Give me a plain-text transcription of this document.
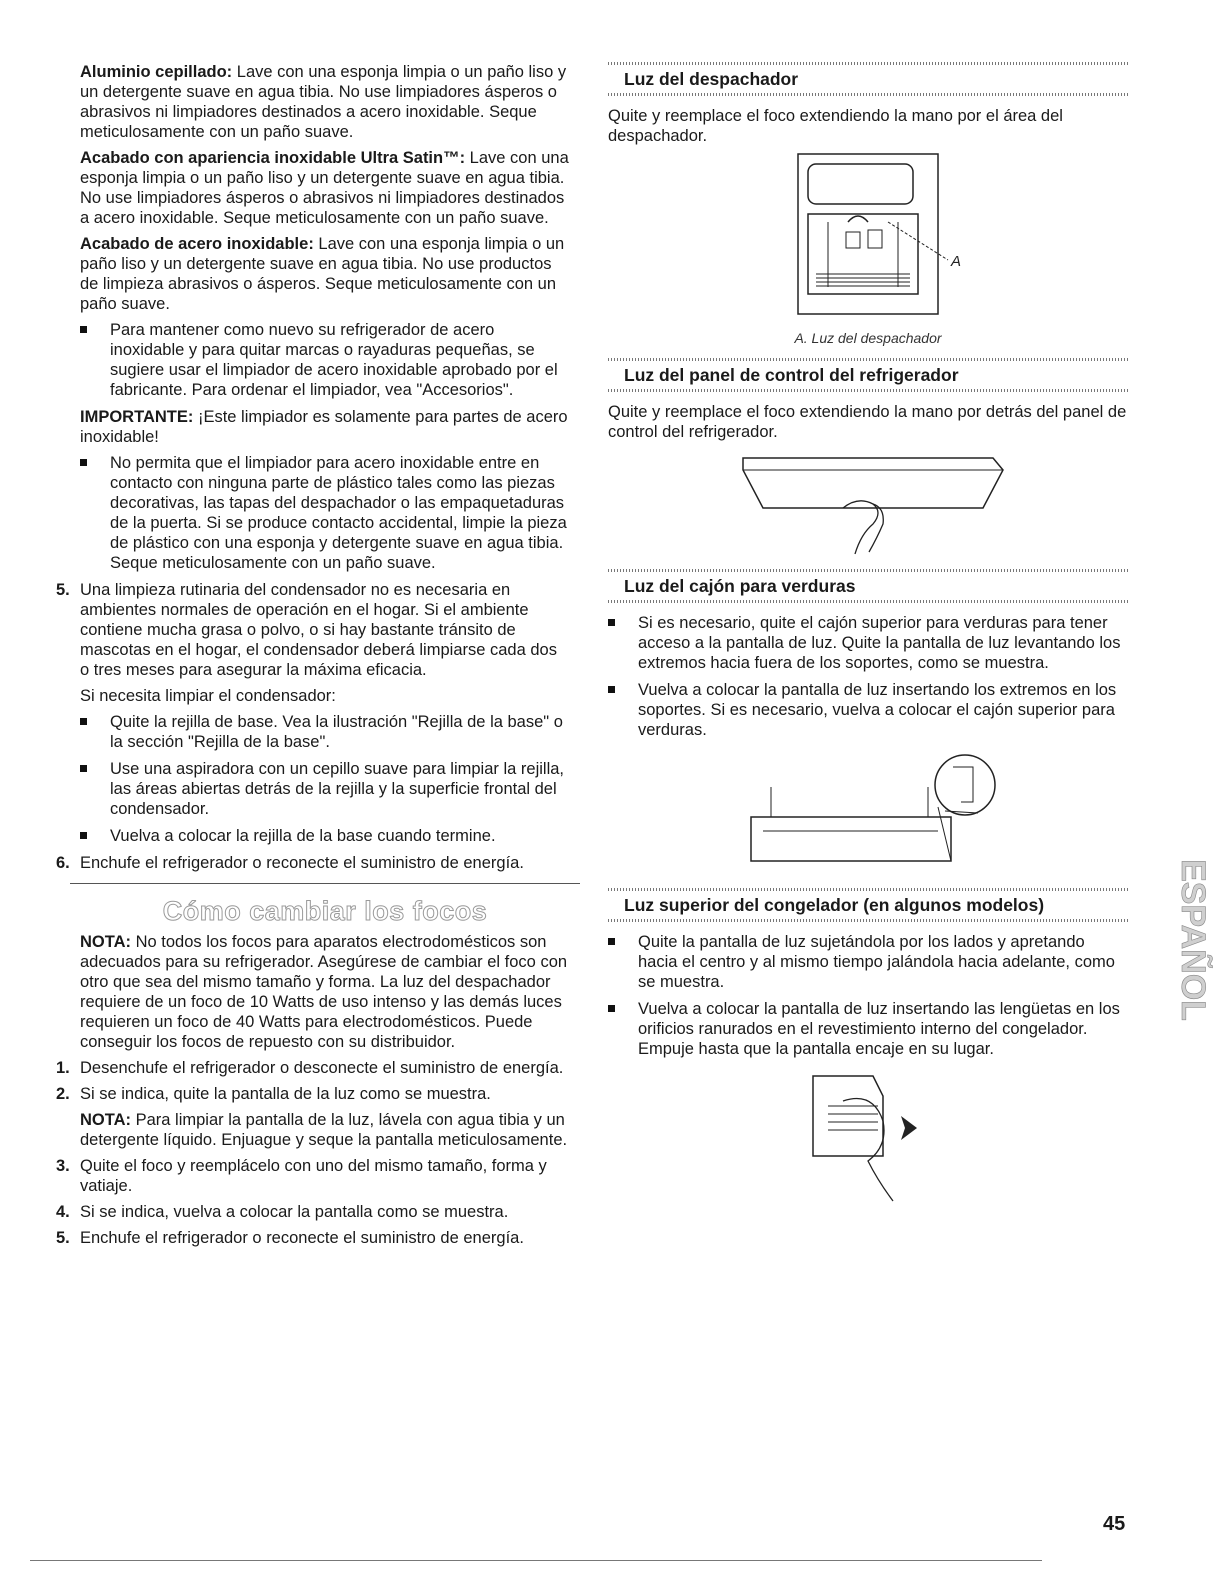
Aluminio cepillado: Lave con una esponja limpia o un paño liso y un detergente suave en agua tibia. No use limpiadores ásperos o abrasivos ni limpiadores destinados a acero inoxidable. Seque meticulosamente con un paño suave.

Acabado con apariencia inoxidable Ultra Satin™: Lave con una esponja limpia o un paño liso y un detergente suave en agua tibia. No use limpiadores ásperos o abrasivos ni limpiadores destinados a acero inoxidable. Seque meticulosamente con un paño suave.

Acabado de acero inoxidable: Lave con una esponja limpia o un paño liso y un detergente suave en agua tibia. No use productos de limpieza abrasivos o ásperos. Seque meticulosamente con un paño suave.

Para mantener como nuevo su refrigerador de acero inoxidable y para quitar marcas o rayaduras pequeñas, se sugiere usar el limpiador de acero inoxidable aprobado por el fabricante. Para ordenar el limpiador, vea "Accesorios".

IMPORTANTE: ¡Este limpiador es solamente para partes de acero inoxidable!

No permita que el limpiador para acero inoxidable entre en contacto con ninguna parte de plástico tales como las piezas decorativas, las tapas del despachador o las empaquetaduras de la puerta. Si se produce contacto accidental, limpie la pieza de plástico con una esponja y detergente suave en agua tibia. Seque meticulosamente con un paño suave.
5. Una limpieza rutinaria del condensador no es necesaria en ambientes normales de operación en el hogar. Si el ambiente contiene mucha grasa o polvo, o si hay bastante tránsito de mascotas en el hogar, el condensador deberá limpiarse cada dos o tres meses para asegurar la máxima eficacia.

Si necesita limpiar el condensador:

Quite la rejilla de base. Vea la ilustración "Rejilla de la base" o la sección "Rejilla de la base".
Use una aspiradora con un cepillo suave para limpiar la rejilla, las áreas abiertas detrás de la rejilla y la superficie frontal del condensador.
Vuelva a colocar la rejilla de la base cuando termine.
6. Enchufe el refrigerador o reconecte el suministro de energía.
Cómo cambiar los focos

NOTA: No todos los focos para aparatos electrodomésticos son adecuados para su refrigerador. Asegúrese de cambiar el foco con otro que sea del mismo tamaño y forma. La luz del despachador requiere de un foco de 10 Watts de uso intenso y las demás luces requieren un foco de 40 Watts para electrodomésticos. Puede conseguir los focos de repuesto con su distribuidor.

1. Desenchufe el refrigerador o desconecte el suministro de energía.
2. Si se indica, quite la pantalla de la luz como se muestra.

NOTA: Para limpiar la pantalla de la luz, lávela con agua tibia y un detergente líquido. Enjuague y seque la pantalla meticulosamente.

3. Quite el foco y reemplácelo con uno del mismo tamaño, forma y vatiaje.
4. Si se indica, vuelva a colocar la pantalla como se muestra.
5. Enchufe el refrigerador o reconecte el suministro de energía.
Luz del despachador

Quite y reemplace el foco extendiendo la mano por el área del despachador.

A
A. Luz del despachador
Luz del panel de control del refrigerador

Quite y reemplace el foco extendiendo la mano por detrás del panel de control del refrigerador.

Luz del cajón para verduras
Si es necesario, quite el cajón superior para verduras para tener acceso a la pantalla de luz. Quite la pantalla de luz levantando los extremos hacia fuera de los soportes, como se muestra.
Vuelva a colocar la pantalla de luz insertando los extremos en los soportes. Si es necesario, vuelva a colocar el cajón superior para verduras.
Luz superior del congelador (en algunos modelos)
Quite la pantalla de luz sujetándola por los lados y apretando hacia el centro y al mismo tiempo jalándola hacia adelante, como se muestra.
Vuelva a colocar la pantalla de luz insertando las lengüetas en los orificios ranurados en el revestimiento interno del congelador. Empuje hasta que la pantalla encaje en su lugar.
ESPAÑOL
45
